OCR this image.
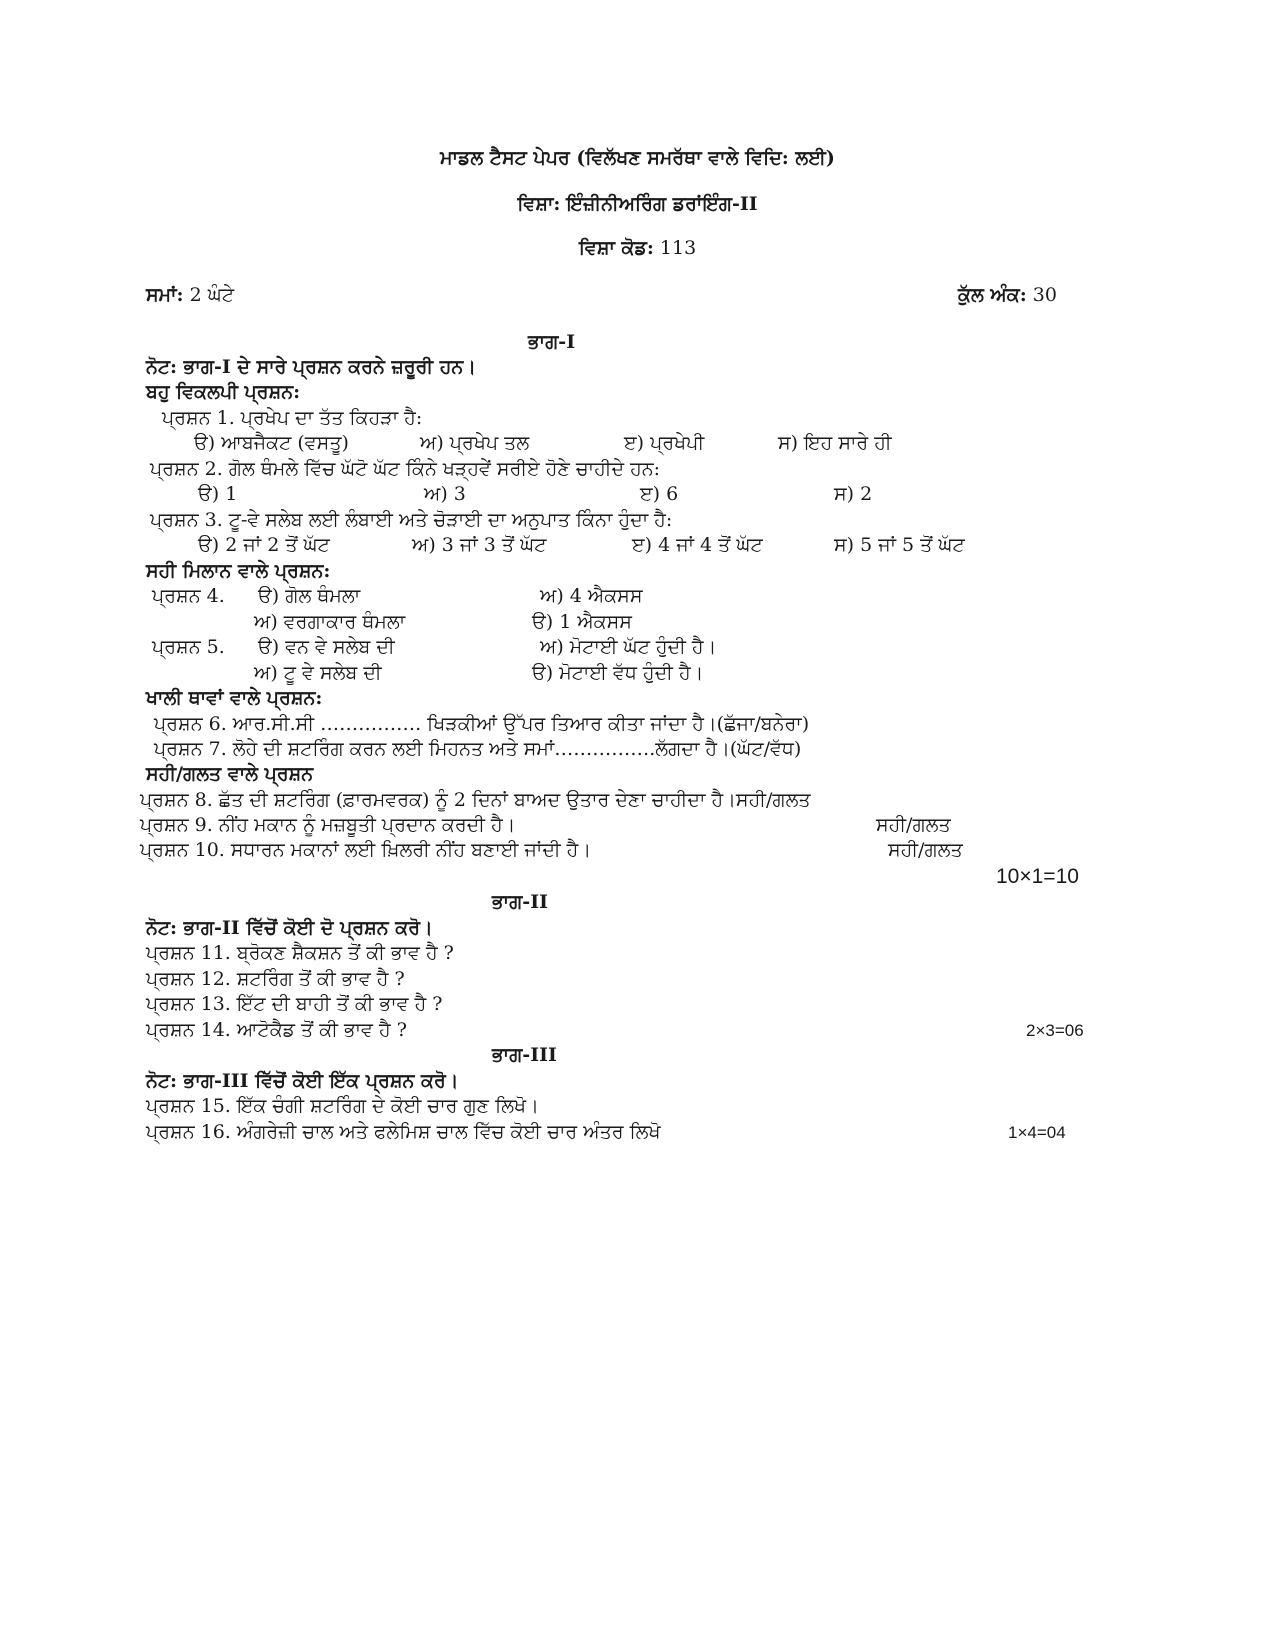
ਮਾਡਲ ਟੈਸਟ ਪੇਪਰ (ਵਿਲੱਖਣ ਸਮਰੱਥਾ ਵਾਲੇ ਵਿਦਿ: ਲਈ)
ਵਿਸ਼ਾ: ਇੰਜ਼ੀਨੀਅਰਿੰਗ ਡਰਾਂਇੰਗ-II
ਵਿਸ਼ਾ ਕੋਡ: 113
ਸਮਾਂ: 2 ਘੰਟੇ	ਕੁੱਲ ਅੰਕ: 30
ਭਾਗ-I
ਨੋਟ: ਭਾਗ-I ਦੇ ਸਾਰੇ ਪ੍ਰਸ਼ਨ ਕਰਨੇ ਜ਼ਰੂਰੀ ਹਨ।
ਬਹੁ ਵਿਕਲਪੀ ਪ੍ਰਸ਼ਨ:
ਪ੍ਰਸ਼ਨ 1. ਪ੍ਰਖੇਪ ਦਾ ਤੱਤ ਕਿਹੜਾ ਹੈ:
ੳ) ਆਬਜੈਕਟ (ਵਸਤੂ)	ਅ) ਪ੍ਰਖੇਪ ਤਲ	ੲ) ਪ੍ਰਖੇਪੀ	ਸ) ਇਹ ਸਾਰੇ ਹੀ
ਪ੍ਰਸ਼ਨ 2. ਗੋਲ ਥੰਮਲੇ ਵਿੱਚ ਘੱਟੋ ਘੱਟ ਕਿੰਨੇ ਖੜ੍ਹਵੇਂ ਸਰੀਏ ਹੋਣੇ ਚਾਹੀਦੇ ਹਨ:
ੳ) 1	ਅ) 3	ੲ) 6	ਸ) 2
ਪ੍ਰਸ਼ਨ 3. ਟੂ-ਵੇ ਸਲੇਬ ਲਈ ਲੰਬਾਈ ਅਤੇ ਚੋੜਾਈ ਦਾ ਅਨੁਪਾਤ ਕਿੰਨਾ ਹੁੰਦਾ ਹੈ:
ੳ) 2 ਜਾਂ 2 ਤੋਂ ਘੱਟ	ਅ) 3 ਜਾਂ 3 ਤੋਂ ਘੱਟ	ੲ) 4 ਜਾਂ 4 ਤੋਂ ਘੱਟ	ਸ) 5 ਜਾਂ 5 ਤੋਂ ਘੱਟ
ਸਹੀ ਮਿਲਾਨ ਵਾਲੇ ਪ੍ਰਸ਼ਨ:
ਪ੍ਰਸ਼ਨ 4. ੳ) ਗੋਲ ਥੰਮਲਾ	ਅ) 4 ਐਕਸਸ
ਅ) ਵਰਗਾਕਾਰ ਥੰਮਲਾ	ੳ) 1 ਐਕਸਸ
ਪ੍ਰਸ਼ਨ 5. ੳ) ਵਨ ਵੇ ਸਲੇਬ ਦੀ	ਅ) ਮੋਟਾਈ ਘੱਟ ਹੁੰਦੀ ਹੈ।
ਅ) ਟੂ ਵੇ ਸਲੇਬ ਦੀ	ੳ) ਮੋਟਾਈ ਵੱਧ ਹੁੰਦੀ ਹੈ।
ਖਾਲੀ ਥਾਵਾਂ ਵਾਲੇ ਪ੍ਰਸ਼ਨ:
ਪ੍ਰਸ਼ਨ 6. ਆਰ.ਸੀ.ਸੀ ……………. ਖਿੜਕੀਆਂ ਉੱਪਰ ਤਿਆਰ ਕੀਤਾ ਜਾਂਦਾ ਹੈ।(ਛੱਜਾ/ਬਨੇਰਾ)
ਪ੍ਰਸ਼ਨ 7. ਲੋਹੇ ਦੀ ਸ਼ਟਰਿੰਗ ਕਰਨ ਲਈ ਮਿਹਨਤ ਅਤੇ ਸਮਾਂ…………….ਲੱਗਦਾ ਹੈ।(ਘੱਟ/ਵੱਧ)
ਸਹੀ/ਗਲਤ ਵਾਲੇ ਪ੍ਰਸ਼ਨ
ਪ੍ਰਸ਼ਨ 8. ਛੱਤ ਦੀ ਸ਼ਟਰਿੰਗ (ਫ਼ਾਰਮਵਰਕ) ਨੂੰ 2 ਦਿਨਾਂ ਬਾਅਦ ਉਤਾਰ ਦੇਣਾ ਚਾਹੀਦਾ ਹੈ।ਸਹੀ/ਗਲਤ
ਪ੍ਰਸ਼ਨ 9. ਨੀਂਹ ਮਕਾਨ ਨੂੰ ਮਜ਼ਬੂਤੀ ਪ੍ਰਦਾਨ ਕਰਦੀ ਹੈ।	ਸਹੀ/ਗਲਤ
ਪ੍ਰਸ਼ਨ 10. ਸਧਾਰਨ ਮਕਾਨਾਂ ਲਈ ਖ਼ਿਲਰੀ ਨੀਂਹ ਬਣਾਈ ਜਾਂਦੀ ਹੈ।	ਸਹੀ/ਗਲਤ
10×1=10
ਭਾਗ-II
ਨੋਟ: ਭਾਗ-II ਵਿੱਚੋਂ ਕੋਈ ਦੋ ਪ੍ਰਸ਼ਨ ਕਰੋ।
ਪ੍ਰਸ਼ਨ 11. ਬ੍ਰੋਕਣ ਸ਼ੈਕਸ਼ਨ ਤੋਂ ਕੀ ਭਾਵ ਹੈ ?
ਪ੍ਰਸ਼ਨ 12. ਸ਼ਟਰਿੰਗ ਤੋਂ ਕੀ ਭਾਵ ਹੈ ?
ਪ੍ਰਸ਼ਨ 13. ਇੱਟ ਦੀ ਬਾਹੀ ਤੋਂ ਕੀ ਭਾਵ ਹੈ ?
ਪ੍ਰਸ਼ਨ 14. ਆਟੋਕੈਡ ਤੋਂ ਕੀ ਭਾਵ ਹੈ ?	2×3=06
ਭਾਗ-III
ਨੋਟ: ਭਾਗ-III ਵਿੱਚੋਂ ਕੋਈ ਇੱਕ ਪ੍ਰਸ਼ਨ ਕਰੋ।
ਪ੍ਰਸ਼ਨ 15. ਇੱਕ ਚੰਗੀ ਸ਼ਟਰਿੰਗ ਦੇ ਕੋਈ ਚਾਰ ਗੁਣ ਲਿਖੋ।
ਪ੍ਰਸ਼ਨ 16. ਅੰਗਰੇਜ਼ੀ ਚਾਲ ਅਤੇ ਫਲੇਮਿਸ਼ ਚਾਲ ਵਿੱਚ ਕੋਈ ਚਾਰ ਅੰਤਰ ਲਿਖੋ	1×4=04
